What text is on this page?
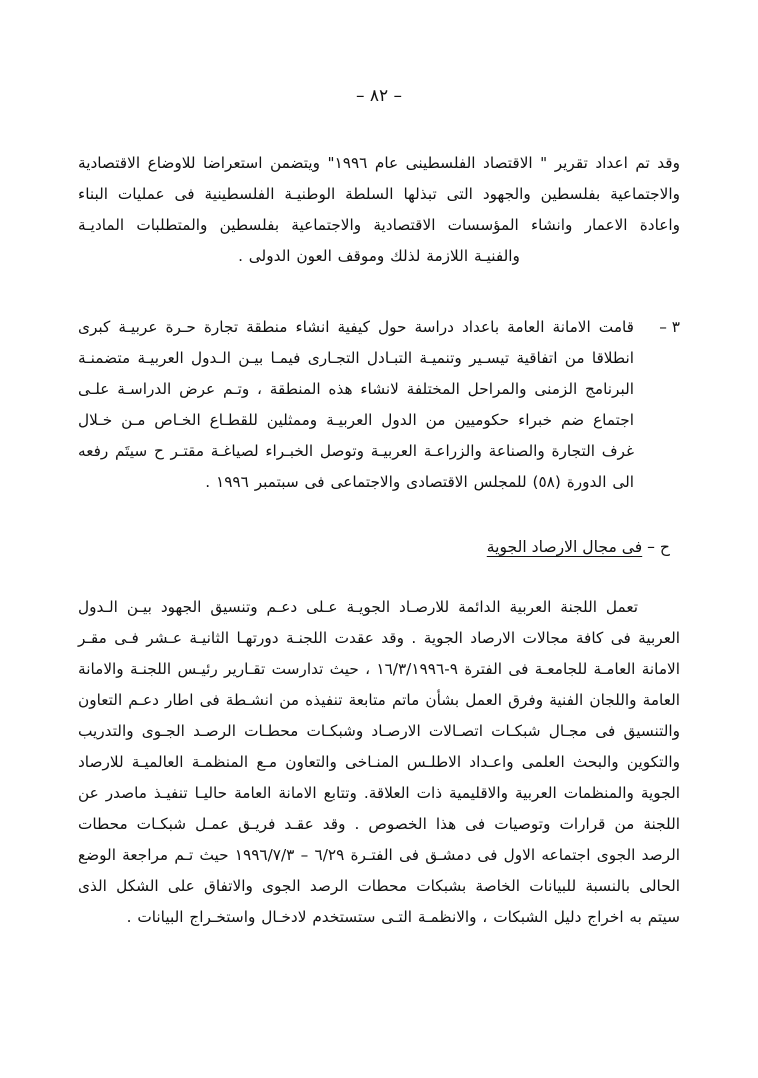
– ٨٢ –

وقد تم اعداد تقرير " الاقتصاد الفلسطينى عام ١٩٩٦" ويتضمن استعراضا للاوضاع الاقتصادية والاجتماعية بفلسطين والجهود التى تبذلها السلطة الوطنيـة الفلسطينية فى عمليات البناء واعادة الاعمار وانشاء المؤسسات الاقتصادية والاجتماعية بفلسطين والمتطلبات الماديـة والفنيـة اللازمة لذلك وموقف العون الدولى .

٣ –
قامت الامانة العامة باعداد دراسة حول كيفية انشاء منطقة تجارة حـرة عربيـة كبرى انطلاقا من اتفاقية تيسـير وتنميـة التبـادل التجـارى فيمـا بيـن الـدول العربيـة متضمنـة البرنامج الزمنى والمراحل المختلفة لانشاء هذه المنطقة ، وتـم عرض الدراسـة علـى اجتماع ضم خبراء حكوميين من الدول العربيـة وممثلين للقطـاع الخـاص مـن خـلال غرف التجارة والصناعة والزراعـة العربيـة وتوصل الخبـراء لصياغـة مقتـر ح سيتَم رفعه الى الدورة (٥٨) للمجلس الاقتصادى والاجتماعى فى سبتمبر ١٩٩٦ .
ح – فى مجال الارصاد الجوية

تعمل اللجنة العربية الدائمة للارصـاد الجويـة عـلى دعـم وتنسيق الجهود بيـن الـدول العربية فى كافة مجالات الارصاد الجوية . وقد عقدت اللجنـة دورتهـا الثانيـة عـشر فـى مقـر الامانة العامـة للجامعـة فى الفترة ٩-١٦/٣/١٩٩٦ ، حيث تدارست تقـارير رئيـس اللجنـة والامانة العامة واللجان الفنية وفرق العمل بشأن ماتم متابعة تنفيذه من انشـطة فى اطار دعـم التعاون والتنسيق فى مجـال شبكـات اتصـالات الارصـاد وشبكـات محطـات الرصـد الجـوى والتدريب والتكوين والبحث العلمى واعـداد الاطلـس المنـاخى والتعاون مـع المنظمـة العالميـة للارصاد الجوية والمنظمات العربية والاقليمية ذات العلاقة. وتتابع الامانة العامة حاليـا تنفيـذ ماصدر عن اللجنة من قرارات وتوصيات فى هذا الخصوص . وقد عقـد فريـق عمـل شبكـات محطات الرصد الجوى اجتماعه الاول فى دمشـق فى الفتـرة ٦/٢٩ – ١٩٩٦/٧/٣ حيث تـم مراجعة الوضع الحالى بالنسبة للبيانات الخاصة بشبكات محطات الرصد الجوى والاتفاق على الشكل الذى سيتم به اخراج دليل الشبكات ، والانظمـة التـى ستستخدم لادخـال واستخـراج البيانات .
